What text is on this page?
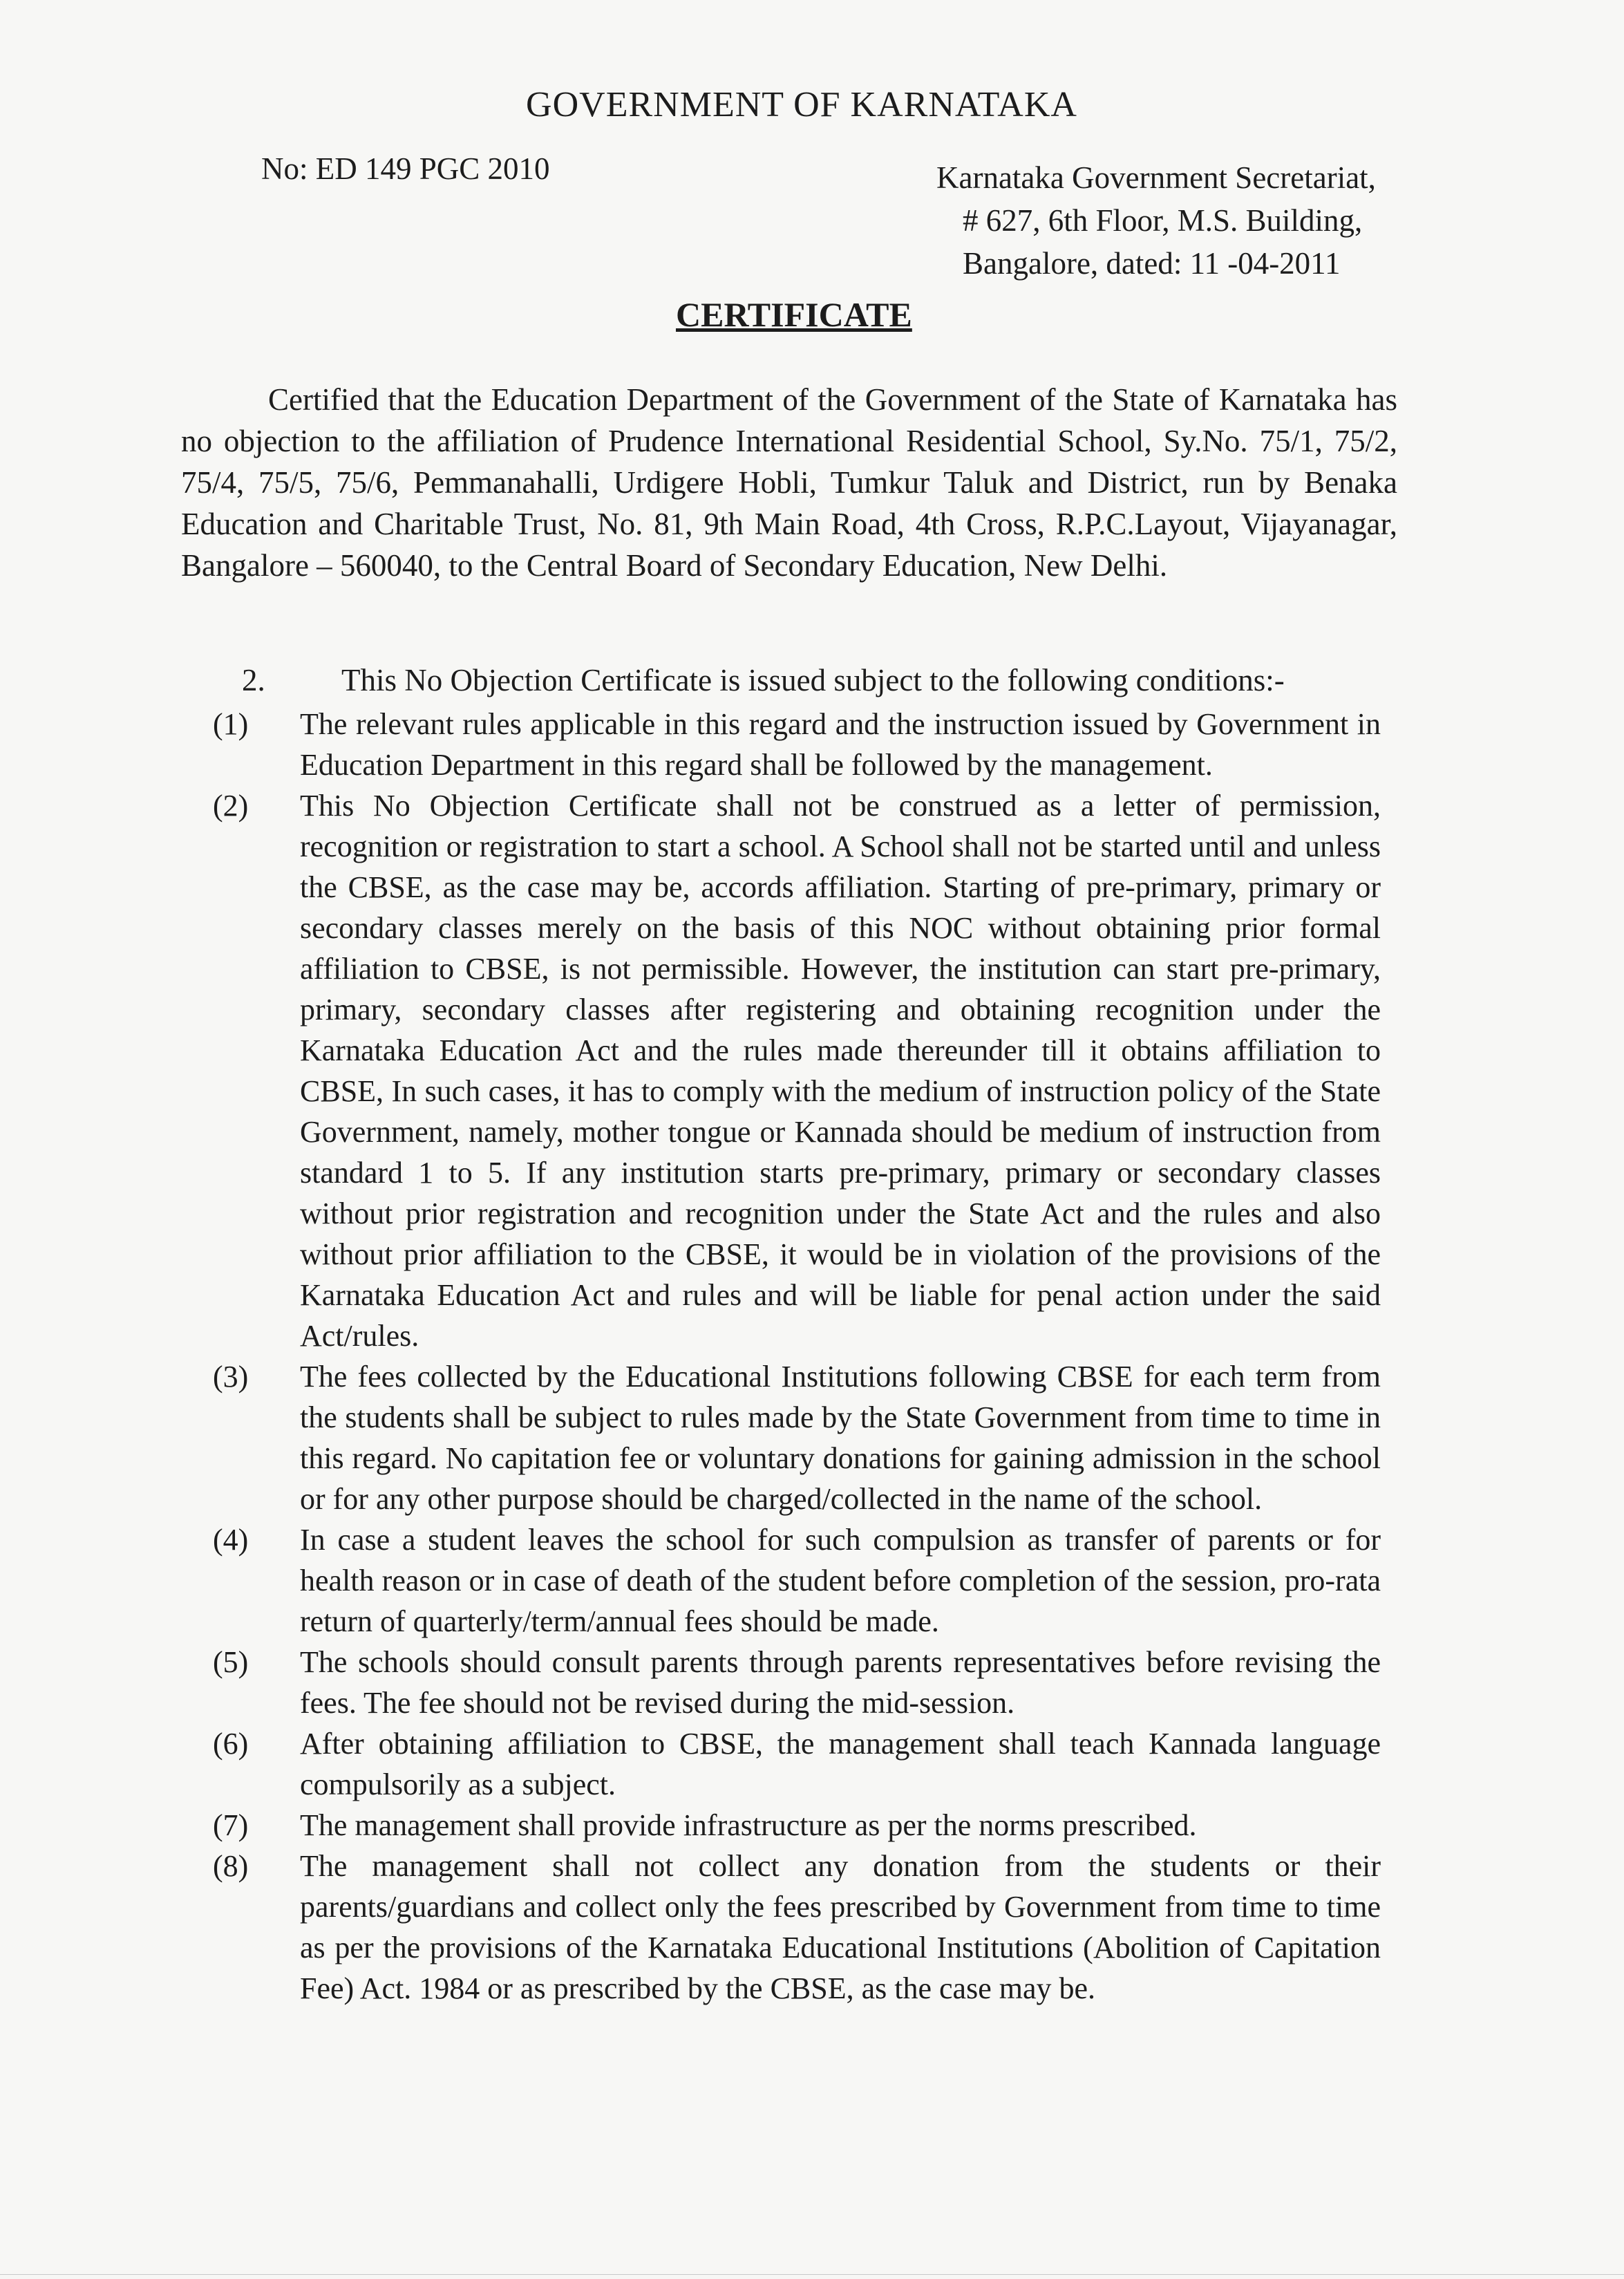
GOVERNMENT OF KARNATAKA
No: ED 149 PGC 2010	Karnataka Government Secretariat,
# 627, 6th Floor, M.S. Building,
Bangalore, dated: 11 -04-2011
CERTIFICATE

Certified that the Education Department of the Government of the State of Karnataka has no objection to the affiliation of Prudence International Residential School, Sy.No. 75/1, 75/2, 75/4, 75/5, 75/6, Pemmanahalli, Urdigere Hobli, Tumkur Taluk and District, run by Benaka Education and Charitable Trust, No. 81, 9th Main Road, 4th Cross, R.P.C.Layout, Vijayanagar, Bangalore – 560040, to the Central Board of Secondary Education, New Delhi.

2. This No Objection Certificate is issued subject to the following conditions:-
(1)	The relevant rules applicable in this regard and the instruction issued by Government in Education Department in this regard shall be followed by the management.
(2)	This No Objection Certificate shall not be construed as a letter of permission, recognition or registration to start a school. A School shall not be started until and unless the CBSE, as the case may be, accords affiliation. Starting of pre-primary, primary or secondary classes merely on the basis of this NOC without obtaining prior formal affiliation to CBSE, is not permissible. However, the institution can start pre-primary, primary, secondary classes after registering and obtaining recognition under the Karnataka Education Act and the rules made thereunder till it obtains affiliation to CBSE, In such cases, it has to comply with the medium of instruction policy of the State Government, namely, mother tongue or Kannada should be medium of instruction from standard 1 to 5. If any institution starts pre-primary, primary or secondary classes without prior registration and recognition under the State Act and the rules and also without prior affiliation to the CBSE, it would be in violation of the provisions of the Karnataka Education Act and rules and will be liable for penal action under the said Act/rules.
(3)	The fees collected by the Educational Institutions following CBSE for each term from the students shall be subject to rules made by the State Government from time to time in this regard. No capitation fee or voluntary donations for gaining admission in the school or for any other purpose should be charged/collected in the name of the school.
(4)	In case a student leaves the school for such compulsion as transfer of parents or for health reason or in case of death of the student before completion of the session, pro-rata return of quarterly/term/annual fees should be made.
(5)	The schools should consult parents through parents representatives before revising the fees. The fee should not be revised during the mid-session.
(6)	After obtaining affiliation to CBSE, the management shall teach Kannada language compulsorily as a subject.
(7)	The management shall provide infrastructure as per the norms prescribed.
(8)	The management shall not collect any donation from the students or their parents/guardians and collect only the fees prescribed by Government from time to time as per the provisions of the Karnataka Educational Institutions (Abolition of Capitation Fee) Act. 1984 or as prescribed by the CBSE, as the case may be.
